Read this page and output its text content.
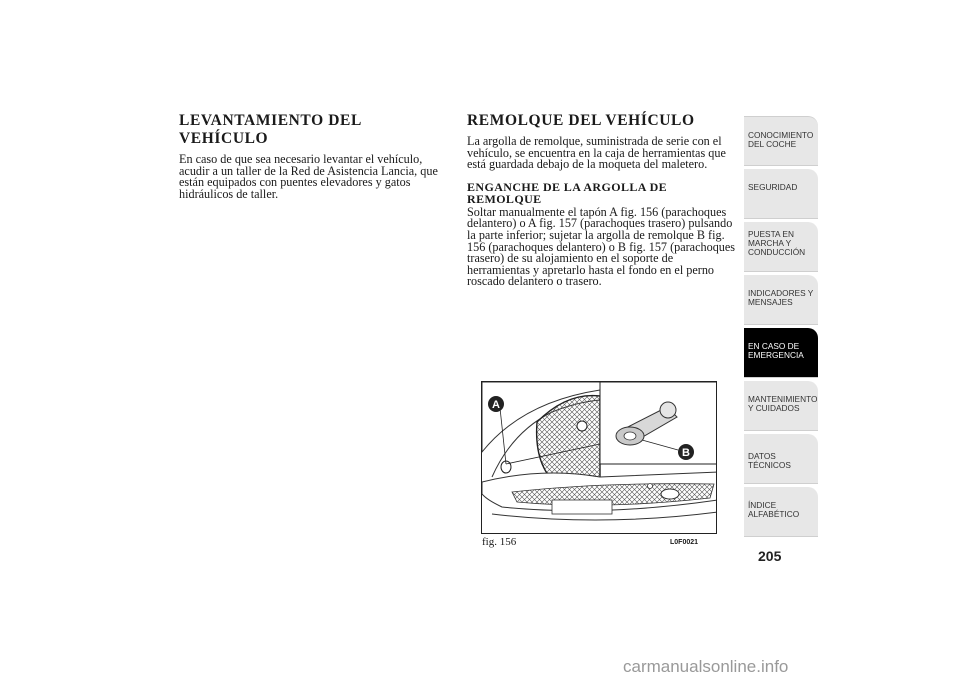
LEVANTAMIENTO DEL VEHÍCULO

En caso de que sea necesario levantar el vehículo, acudir a un taller de la Red de Asistencia Lancia, que están equipados con puentes elevadores y gatos hidráulicos de taller.

REMOLQUE DEL VEHÍCULO

La argolla de remolque, suministrada de serie con el vehículo, se encuentra en la caja de herramientas que está guardada debajo de la moqueta del maletero.

ENGANCHE DE LA ARGOLLA DE REMOLQUE

Soltar manualmente el tapón A fig. 156 (parachoques delantero) o A fig. 157 (parachoques trasero) pulsando la parte inferior; sujetar la argolla de remolque B fig. 156 (parachoques delantero) o B fig. 157 (parachoques trasero) de su alojamiento en el soporte de herramientas y apretarlo hasta el fondo en el perno roscado delantero o trasero.

A
B
fig. 156	L0F0021
CONOCIMIENTO DEL COCHE
SEGURIDAD
PUESTA EN MARCHA Y CONDUCCIÓN
INDICADORES Y MENSAJES
EN CASO DE EMERGENCIA
MANTENIMIENTO Y CUIDADOS
DATOS TÉCNICOS
ÍNDICE ALFABÉTICO
205
carmanualsonline.info
